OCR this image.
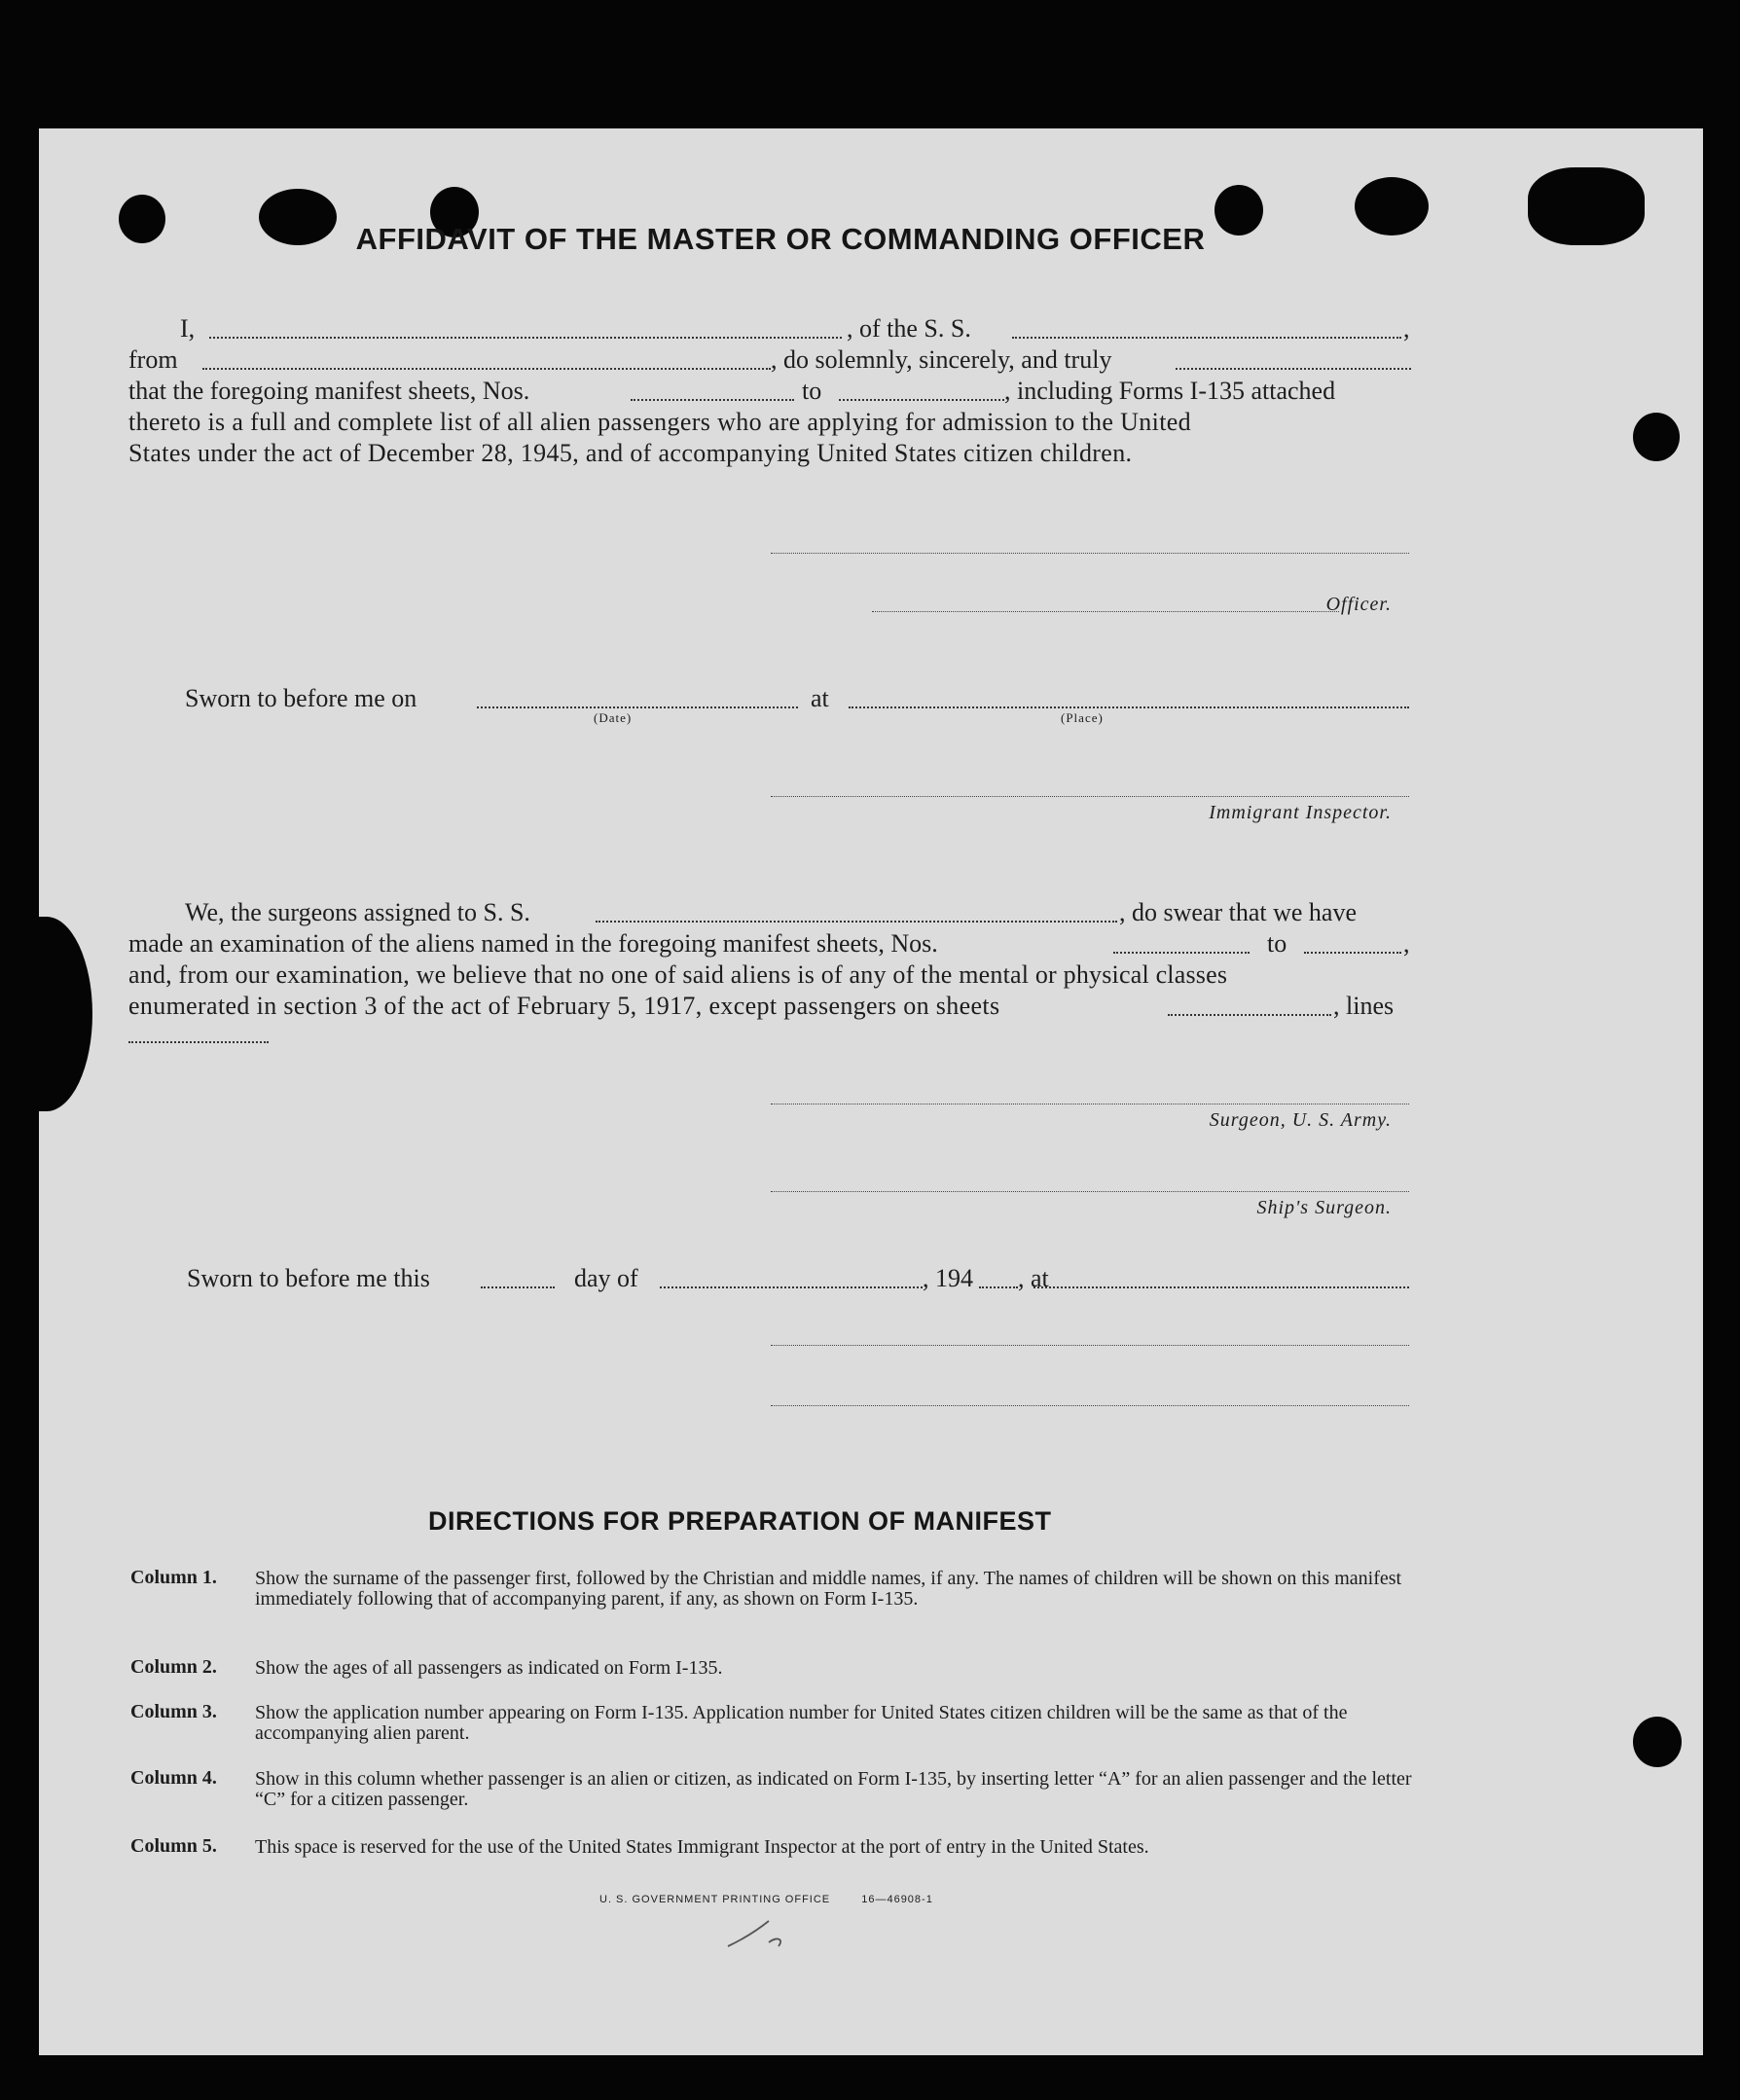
AFFIDAVIT OF THE MASTER OR COMMANDING OFFICER
I,	, of the S. S.	,
from	, do solemnly, sincerely, and truly
that the foregoing manifest sheets, Nos.	to	, including Forms I-135 attached
thereto is a full and complete list of all alien passengers who are applying for admission to the United
States under the act of December 28, 1945, and of accompanying United States citizen children.
Officer.
Sworn to before me on
(Date)
at
(Place)
Immigrant Inspector.
We, the surgeons assigned to S. S.	, do swear that we have
made an examination of the aliens named in the foregoing manifest sheets, Nos.	to	,
and, from our examination, we believe that no one of said aliens is of any of the mental or physical classes
enumerated in section 3 of the act of February 5, 1917, except passengers on sheets	, lines
Surgeon, U. S. Army.
Ship's Surgeon.
Sworn to before me this	day of	, 194 , at
DIRECTIONS FOR PREPARATION OF MANIFEST
Column 1. Show the surname of the passenger first, followed by the Christian and middle names, if any. The names of children will be shown on this manifest immediately following that of accompanying parent, if any, as shown on Form I-135.
Column 2. Show the ages of all passengers as indicated on Form I-135.
Column 3. Show the application number appearing on Form I-135. Application number for United States citizen children will be the same as that of the accompanying alien parent.
Column 4. Show in this column whether passenger is an alien or citizen, as indicated on Form I-135, by inserting letter “A” for an alien passenger and the letter “C” for a citizen passenger.
Column 5. This space is reserved for the use of the United States Immigrant Inspector at the port of entry in the United States.
U. S. GOVERNMENT PRINTING OFFICE	16—46908-1
